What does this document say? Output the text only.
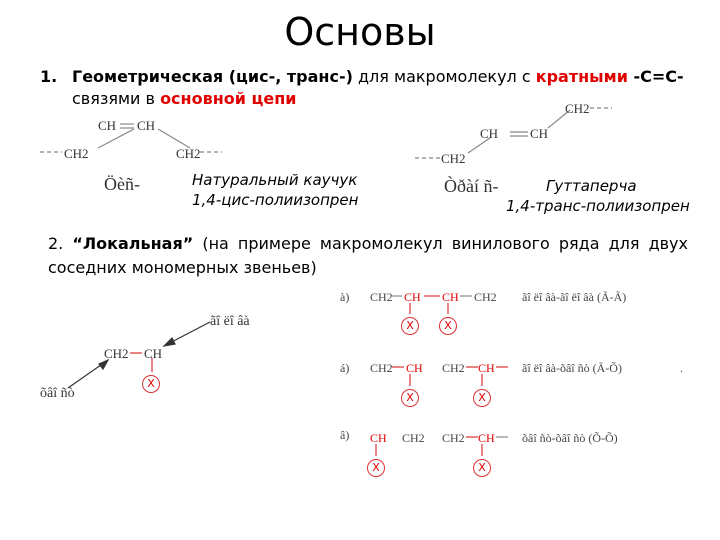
Основы
1. Геометрическая (цис-, транс-) для макромолекул с кратными -С=С-
связями в основной цепи
CH CH
CH2	CH2
Öèñ-	Натуральный каучук
1,4-цис-полиизопрен
CH2
CH CH
CH2
Òðàí ñ-	Гуттаперча
1,4-транс-полиизопрен
2. “Локальная” (на примере макромолекул винилового ряда для двух соседних мономерных звеньев)
CH2 CH
X
ãî ëî âà
õâî ñò
à) CH2 CH CH CH2 ãî ëî âà-ãî ëî âà (Ã-Ã)
X	X
á) CH2 CH CH2 CH ãî ëî âà-õâî ñò (Ã-Õ)
X	X
.
â) CH CH2 CH2 CH õâî ñò-õâî ñò (Õ-Õ)
X	X
